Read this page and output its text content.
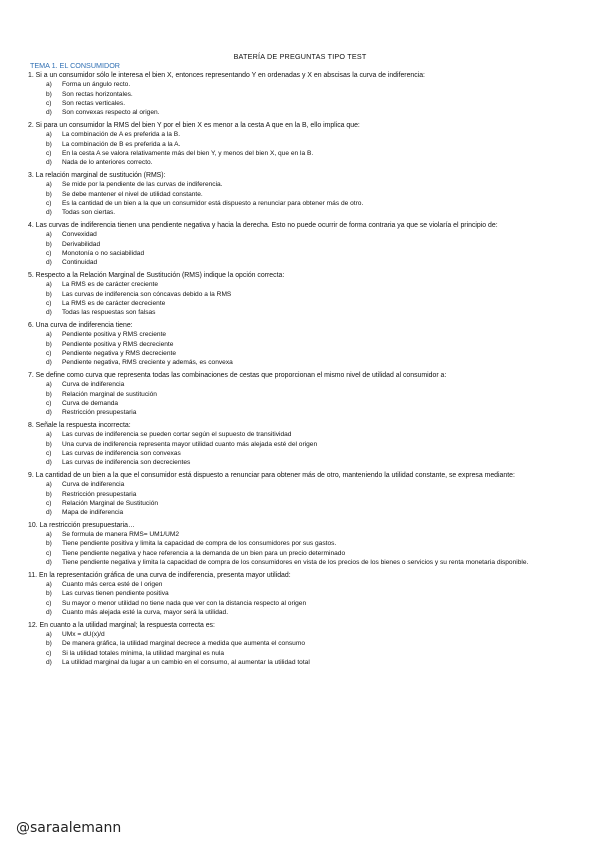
BATERÍA DE PREGUNTAS TIPO TEST
TEMA 1. EL CONSUMIDOR
1. Si a un consumidor sólo le interesa el bien X, entonces representando Y en ordenadas y X en abscisas la curva de indiferencia:
a)	Forma un ángulo recto.
b)	Son rectas horizontales.
c)	Son rectas verticales.
d)	Son convexas respecto al origen.
2. Si para un consumidor la RMS del bien Y por el bien X es menor a la cesta A que en la B, ello implica que:
a)	La combinación de A es preferida a la B.
b)	La combinación de B es preferida a la A.
c)	En la cesta A se valora relativamente más del bien Y, y menos del bien X, que en la B.
d)	Nada de lo anteriores correcto.
3. La relación marginal de sustitución (RMS):
a)	Se mide por la pendiente de las curvas de indiferencia.
b)	Se debe mantener el nivel de utilidad constante.
c)	Es la cantidad de un bien a la que un consumidor está dispuesto a renunciar para obtener más de otro.
d)	Todas son ciertas.
4. Las curvas de indiferencia tienen una pendiente negativa y hacia la derecha. Esto no puede ocurrir de forma contraria ya que se violaría el principio de:
a)	Convexidad
b)	Derivabilidad
c)	Monotonía o no saciabilidad
d)	Continuidad
5. Respecto a la Relación Marginal de Sustitución (RMS) indique la opción correcta:
a)	La RMS es de carácter creciente
b)	Las curvas de indiferencia son cóncavas debido a la RMS
c)	La RMS es de carácter decreciente
d)	Todas las respuestas son falsas
6. Una curva de indiferencia tiene:
a)	Pendiente positiva y RMS creciente
b)	Pendiente positiva y RMS decreciente
c)	Pendiente negativa y RMS decreciente
d)	Pendiente negativa, RMS creciente y además, es convexa
7. Se define como curva que representa todas las combinaciones de cestas que proporcionan el mismo nivel de utilidad al consumidor a:
a)	Curva de indiferencia
b)	Relación marginal de sustitución
c)	Curva de demanda
d)	Restricción presupestaria
8. Señale la respuesta incorrecta:
a)	Las curvas de indiferencia se pueden cortar según el supuesto de transitividad
b)	Una curva de indiferencia representa mayor utilidad cuanto más alejada esté del origen
c)	Las curvas de indiferencia son convexas
d)	Las curvas de indiferencia son decrecientes
9. La cantidad de un bien a la que el consumidor está dispuesto a renunciar para obtener más de otro, manteniendo la utilidad constante, se expresa mediante:
a)	Curva de indiferencia
b)	Restricción presupestaria
c)	Relación Marginal de Sustitución
d)	Mapa de indiferencia
10. La restricción presupuestaria…
a)	Se formula de manera RMS= UM1/UM2
b)	Tiene pendiente positiva y limita la capacidad de compra de los consumidores por sus gastos.
c)	Tiene pendiente negativa y hace referencia a la demanda de un bien para un precio determinado
d)	Tiene pendiente negativa y limita la capacidad de compra de los consumidores en vista de los precios de los bienes o servicios y su renta monetaria disponible.
11. En la representación gráfica de una curva de indiferencia, presenta mayor utilidad:
a)	Cuanto más cerca esté de l origen
b)	Las curvas tienen pendiente positiva
c)	Su mayor o menor utilidad no tiene nada que ver con la distancia respecto al origen
d)	Cuanto más alejada esté la curva, mayor será la utilidad.
12. En cuanto a la utilidad marginal; la respuesta correcta es:
a)	UMx = dU(x)/d
b)	De manera gráfica, la utilidad marginal decrece a medida que aumenta el consumo
c)	Si la utilidad totales mínima, la utilidad marginal es nula
d)	La utilidad marginal da lugar a un cambio en el consumo, al aumentar la utilidad total
@saraalemann
